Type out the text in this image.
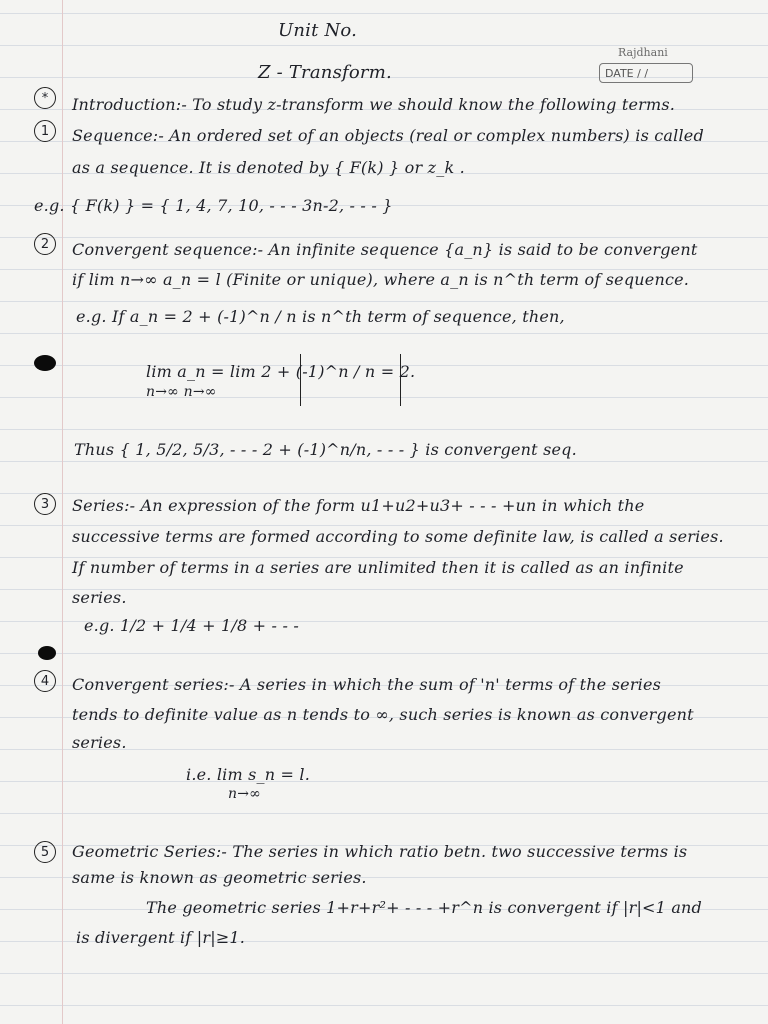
Unit No.
Rajdhani
DATE / /
Z - Transform.
*	Introduction:- To study z-transform we should know the following terms.
1	Sequence:- An ordered set of an objects (real or complex numbers) is called
as a sequence. It is denoted by { F(k) } or z_k .
e.g. { F(k) } = { 1, 4, 7, 10, - - - 3n-2, - - - }
2	Convergent sequence:- An infinite sequence {a_n} is said to be convergent
if lim n→∞ a_n = l (Finite or unique), where a_n is n^th term of sequence.
e.g. If a_n = 2 + (-1)^n / n is n^th term of sequence, then,
lim a_n = lim 2 + (-1)^n / n = 2.
n→∞ n→∞
Thus { 1, 5/2, 5/3, - - - 2 + (-1)^n/n, - - - } is convergent seq.
3	Series:- An expression of the form u1+u2+u3+ - - - +un in which the
successive terms are formed according to some definite law, is called a series.
If number of terms in a series are unlimited then it is called as an infinite
series.
e.g. 1/2 + 1/4 + 1/8 + - - -
4	Convergent series:- A series in which the sum of 'n' terms of the series
tends to definite value as n tends to ∞, such series is known as convergent
series.
i.e. lim s_n = l.
n→∞
5	Geometric Series:- The series in which ratio betn. two successive terms is
same is known as geometric series.
The geometric series 1+r+r²+ - - - +r^n is convergent if |r|<1 and
is divergent if |r|≥1.
